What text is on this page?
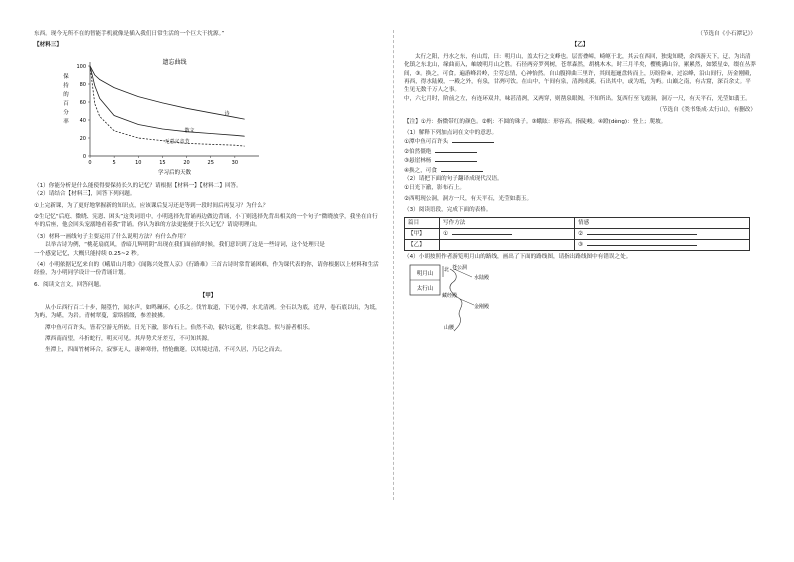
东西。现今无所不在的智能手机就像是插入我们日常生活的一个巨大干扰源。”

【材料三】

0
20
40
60
80
100
0	5	10	15	20	25	30
遗忘曲线
学习后的天数
保
持
的
百
分
率
诗
散文
无意义音节

（1）你能分析是什么能使得要保持长久的记忆？请根据【材料一】【材料二】回答。

（2）请结合【材料三】，回答下列问题。

①上完新课，为了更好地掌握新的知识点，应该课后复习还是等到一段时间后再复习？为什么？

②生记忆“后庭、微晓、宪恩、困头”这类词语中，小明选择先背诵再边做边背诵，小丁则选择先背出相关的一个句子“微晓放学，我坐在自行车的后座，他会回头宠溺地看着我”背诵。你认为谁的方法更能便于长久记忆？请说明理由。

（3）材料一画线句子主要运用了什么说明方法？有什么作用？

以举古诗为例，“桃花扇底风，香暗几辉明阴”出现在我们面前的时候，我们意识到了这是一些诗词，这个处理只是

一个感觉记忆，大概只能持续 0.25~2 秒。

（4）小明依据记忆来自的《峨眉山月歌》《闻陈兴处置人京》《行路难》三首古诗时常背诵困难，作为课代表的你，请你根据以上材料和生活经验，为小明同学设计一份背诵计划。

6．阅读文言文，回答问题。

【甲】

从小丘西行百二十步，隔篁竹，闻水声，如鸣珮环，心乐之。伐竹取道，下见小潭，水尤清冽。全石以为底，近岸，卷石底以出，为坻，为屿，为嵁，为岩。青树翠蔓，蒙络摇缀，参差披拂。

潭中鱼可百许头，皆若空游无所依。日光下澈，影布石上。佁然不动，俶尔远逝，往来翕忽。似与游者相乐。

潭西南而望，斗折蛇行，明灭可见。其岸势犬牙差互，不可知其源。

坐潭上，四面竹树环合，寂寥无人，凄神寒骨，悄怆幽邃。以其境过清，不可久居，乃记之而去。

（节选自《小石潭记》）

【乙】

太行之阳，丹水之东，有山焉，曰：明月山，盖太行之支峰也。层峦叠嶂，崎岖于北，其云在西回，独鬼知晓，余西游天下，迂，为出清化镇之东北山，缘曲而入，岫坡明月山之胜。石径两旁罗列树，苍翠森然，胡桃木木。时三月半矣，樱桃满山谷，累累然，如繁星②，缀在丛莽间，③。换之，可食。遍游峰岩岭，尘劳忘情，心神怡然。自山腹抑曲三里许，其间迤逦盘转而上，历盼险④，过凉峰，沿山间行，历金刚殿，再西，得水陆殿，一殿之外，有泉，甘冽可饮。在山中，午间有泉，清冽成溪。石出其中，或为坻，为屿。山巅之南，有古窟，深百余丈。平生见无数千万人之事。

中，六七月时，阶前之左，有连环双井，味甚清冽，又两穿，则凿泉眼阁，不知所出。复西行至飞霞洞，洞万一尺，有天平石，光莹如翡王。

（节选自《类书集成·太行山》，有删改）

【注】①丹：指微带红的颜色。②帆：不圆的珠子。③蛾眩：形容高。指陡峻。④蹬(dèng)：登上；爬坡。

（1）解释下列加点词在文中的意思。

①潭中鱼可百许头

②伯然僵绝

③悬崖林杨

④换之，可食

（2）请把下面的句子翻译成现代汉语。

①日光下澈，影布石上。

②西明现公洞，洞方一尺，有天平石，光莹如翡玉。

（3）阅读语段，完成下面的表格。

篇目	写作方法	情感
【甲】	①	②
【乙】		③

（4）小胡按照作者游览明月山的路线，画出了下面的路线图，请指出路线图中有错误之处。

明月山
太行山
北 苍公洞
水陆殿
藏经殿
金刚殿
山腰
